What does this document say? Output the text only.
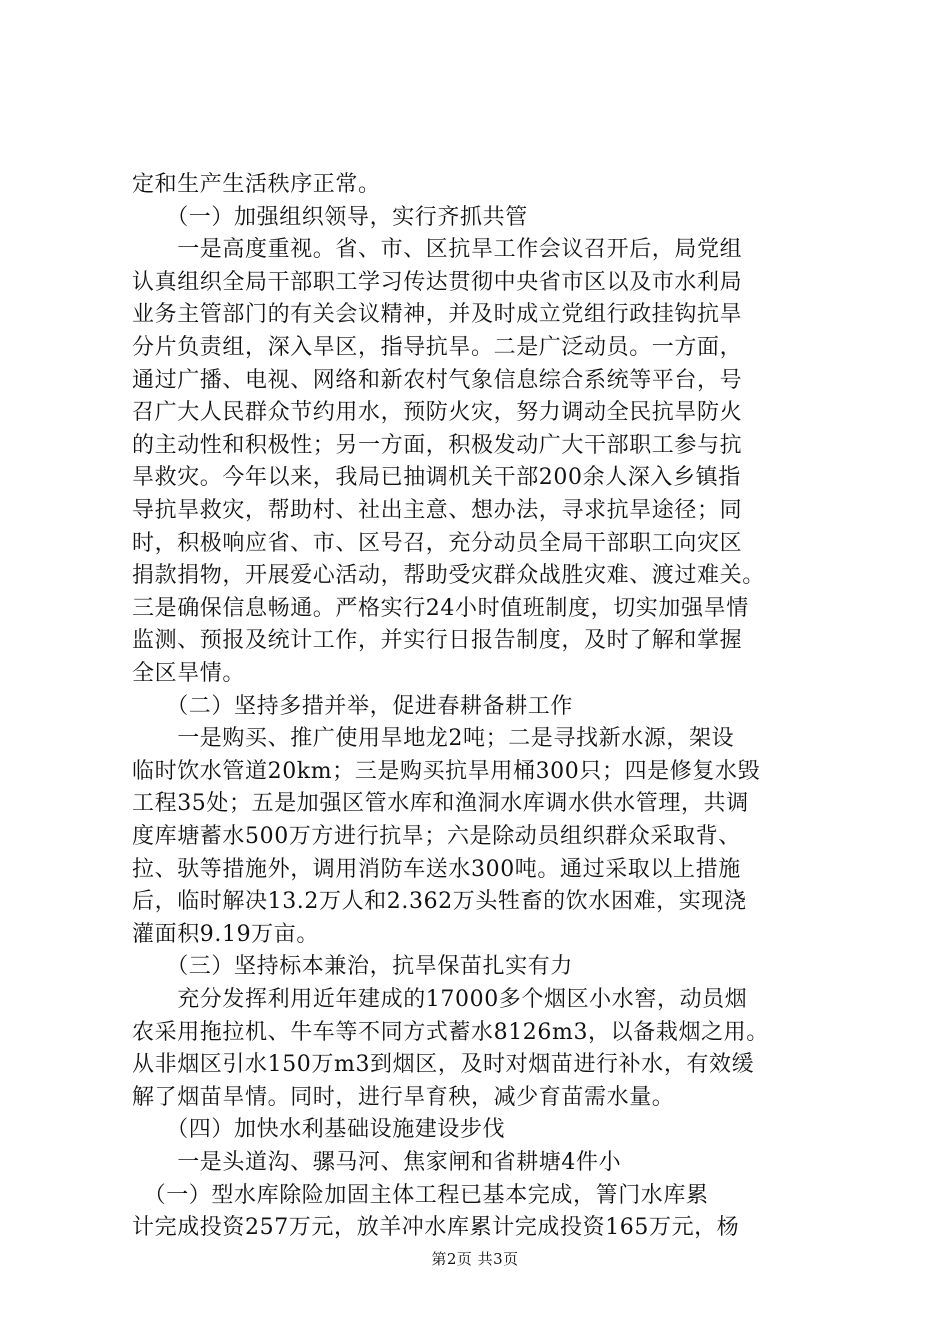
定和生产生活秩序正常。
　　（一）加强组织领导，实行齐抓共管
　　一是高度重视。省、市、区抗旱工作会议召开后，局党组
认真组织全局干部职工学习传达贯彻中央省市区以及市水利局
业务主管部门的有关会议精神，并及时成立党组行政挂钩抗旱
分片负责组，深入旱区，指导抗旱。二是广泛动员。一方面，
通过广播、电视、网络和新农村气象信息综合系统等平台，号
召广大人民群众节约用水，预防火灾，努力调动全民抗旱防火
的主动性和积极性；另一方面，积极发动广大干部职工参与抗
旱救灾。今年以来，我局已抽调机关干部200余人深入乡镇指
导抗旱救灾，帮助村、社出主意、想办法，寻求抗旱途径；同
时，积极响应省、市、区号召，充分动员全局干部职工向灾区
捐款捐物，开展爱心活动，帮助受灾群众战胜灾难、渡过难关。
三是确保信息畅通。严格实行24小时值班制度，切实加强旱情
监测、预报及统计工作，并实行日报告制度，及时了解和掌握
全区旱情。
　　（二）坚持多措并举，促进春耕备耕工作
　　一是购买、推广使用旱地龙2吨；二是寻找新水源，架设
临时饮水管道20km；三是购买抗旱用桶300只；四是修复水毁
工程35处；五是加强区管水库和渔洞水库调水供水管理，共调
度库塘蓄水500万方进行抗旱；六是除动员组织群众采取背、
拉、驮等措施外，调用消防车送水300吨。通过采取以上措施
后，临时解决13.2万人和2.362万头牲畜的饮水困难，实现浇
灌面积9.19万亩。
　　（三）坚持标本兼治，抗旱保苗扎实有力
　　充分发挥利用近年建成的17000多个烟区小水窖，动员烟
农采用拖拉机、牛车等不同方式蓄水8126m3，以备栽烟之用。
从非烟区引水150万m3到烟区，及时对烟苗进行补水，有效缓
解了烟苗旱情。同时，进行旱育秧，减少育苗需水量。
　　（四）加快水利基础设施建设步伐
　　一是头道沟、骡马河、焦家闸和省耕塘4件小
　（一）型水库除险加固主体工程已基本完成，箐门水库累
计完成投资257万元，放羊冲水库累计完成投资165万元，杨
第2页 共3页
